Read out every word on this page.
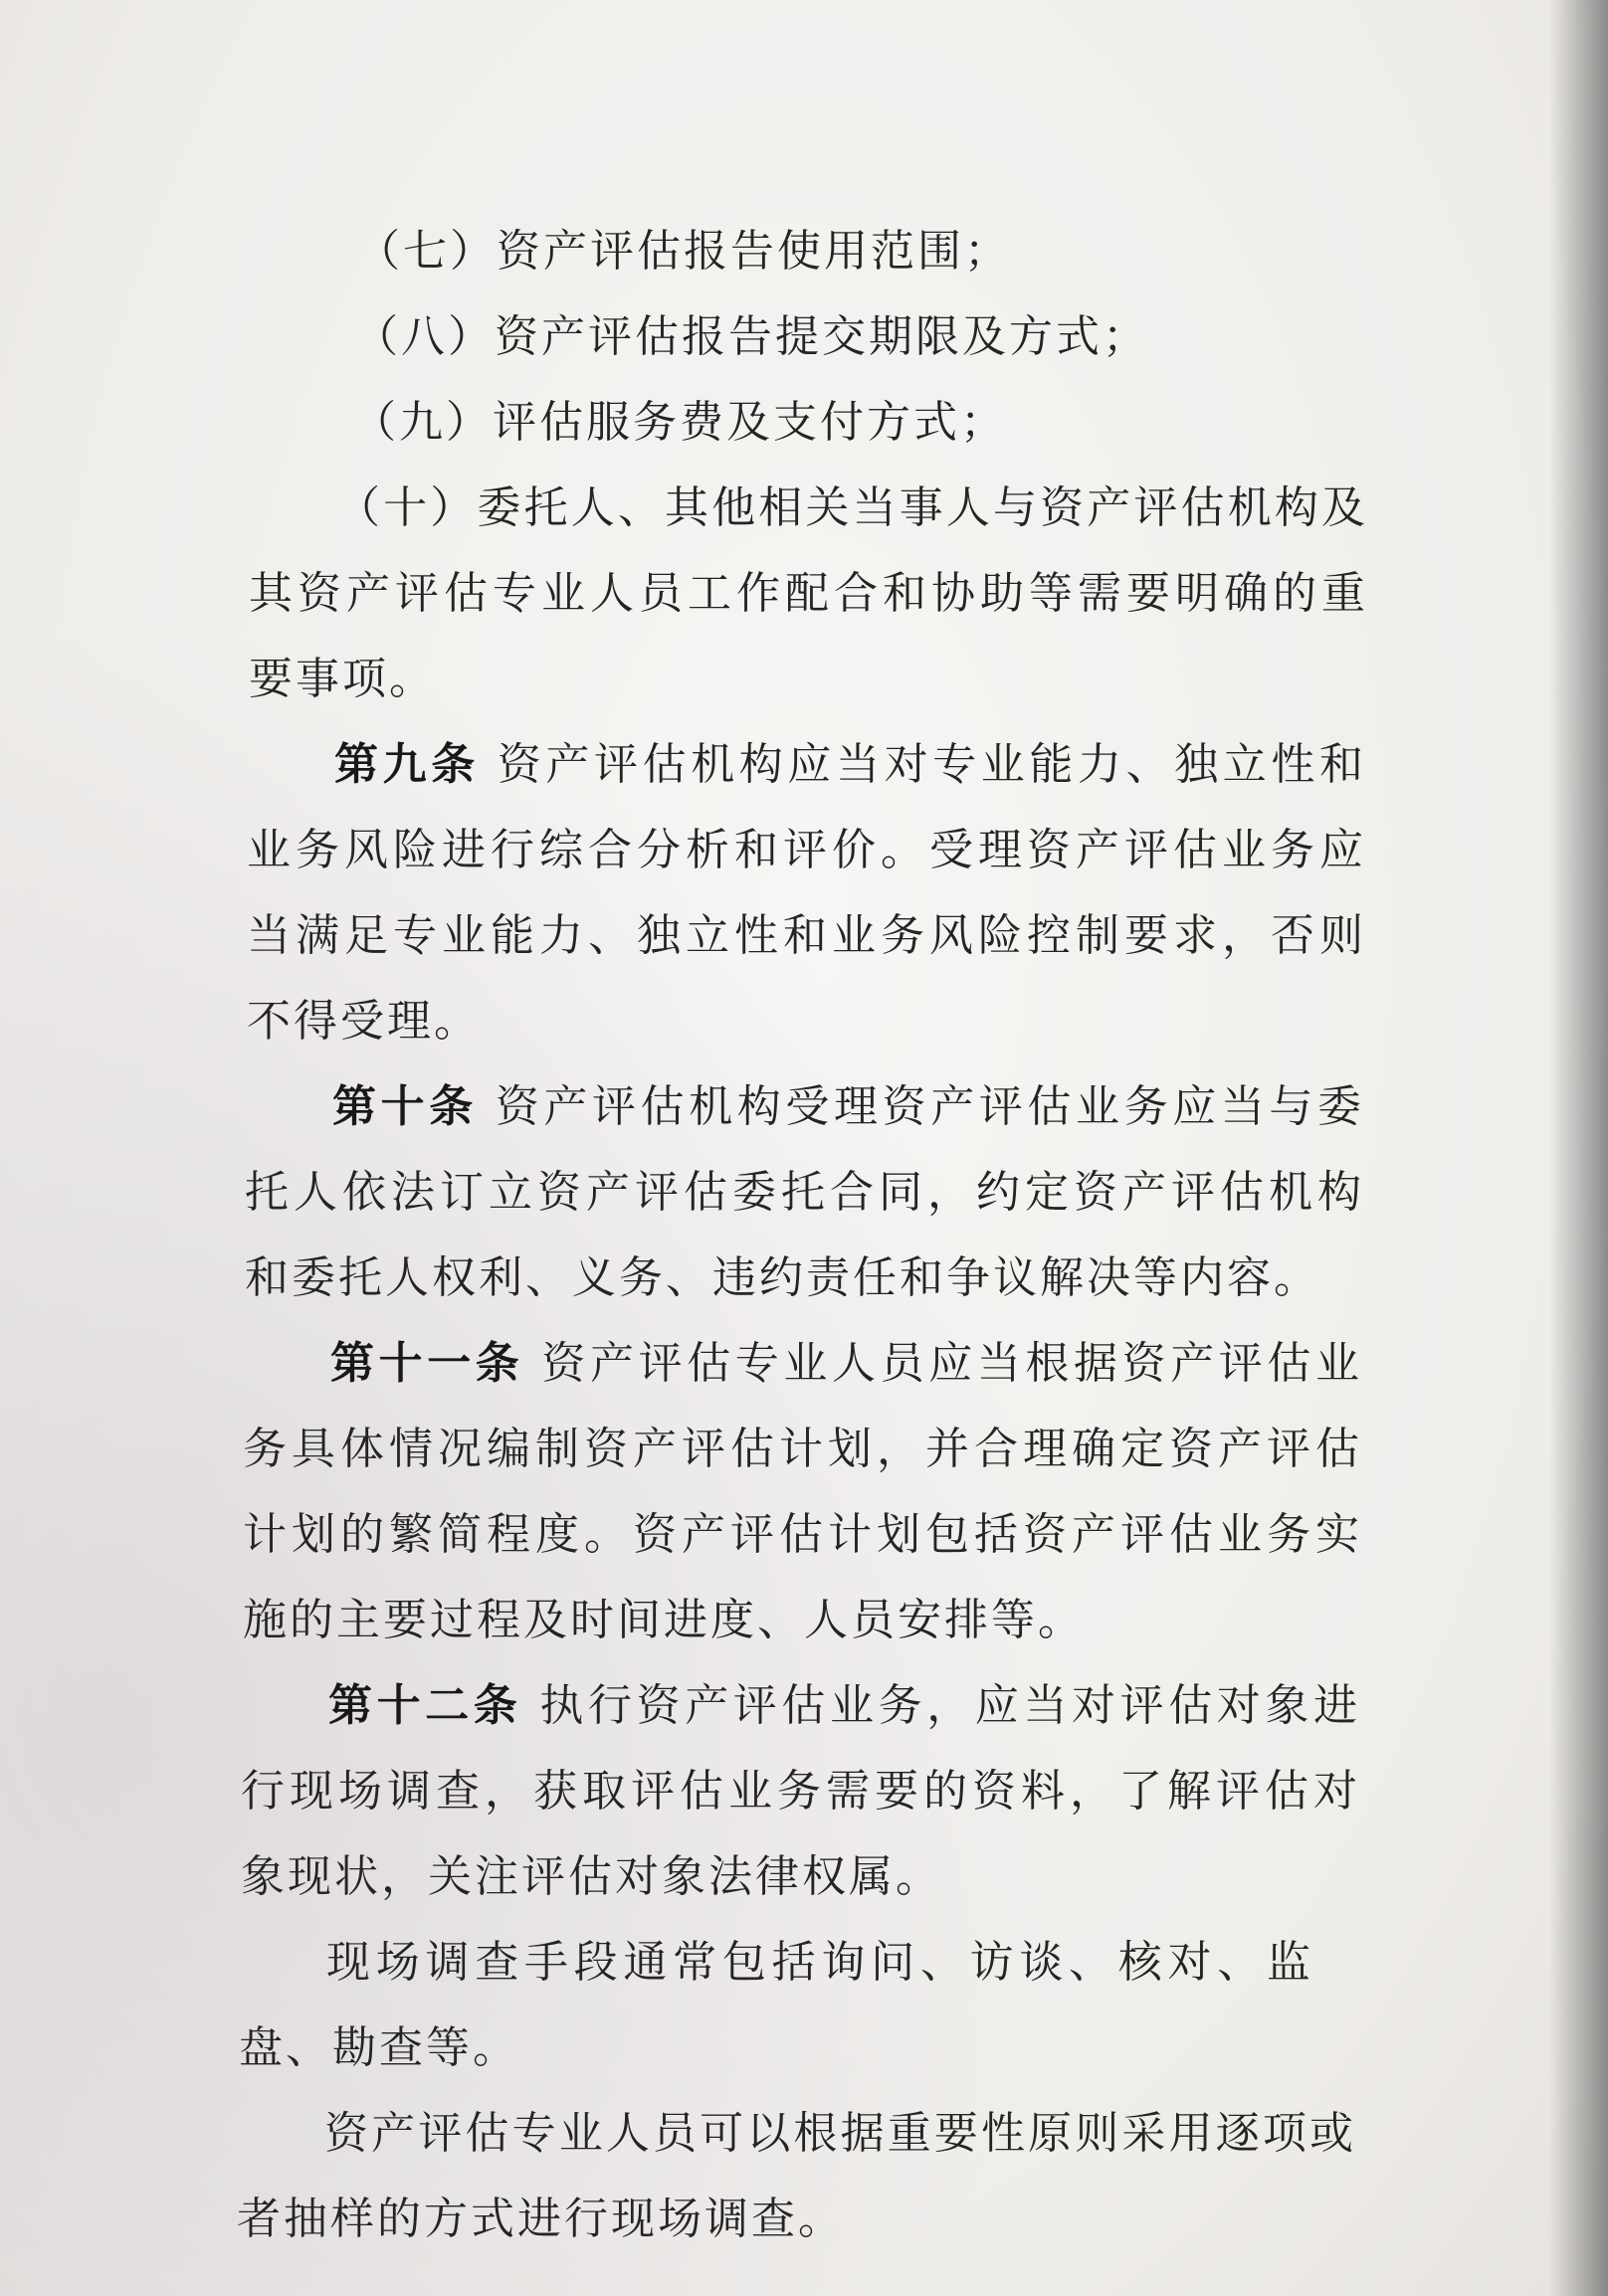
（七）资产评估报告使用范围；

（八）资产评估报告提交期限及方式；

（九）评估服务费及支付方式；

（十）委托人、其他相关当事人与资产评估机构及其资产评估专业人员工作配合和协助等需要明确的重要事项。

第九条 资产评估机构应当对专业能力、独立性和业务风险进行综合分析和评价。受理资产评估业务应当满足专业能力、独立性和业务风险控制要求，否则不得受理。

第十条 资产评估机构受理资产评估业务应当与委托人依法订立资产评估委托合同，约定资产评估机构和委托人权利、义务、违约责任和争议解决等内容。

第十一条 资产评估专业人员应当根据资产评估业务具体情况编制资产评估计划，并合理确定资产评估计划的繁简程度。资产评估计划包括资产评估业务实施的主要过程及时间进度、人员安排等。

第十二条 执行资产评估业务，应当对评估对象进行现场调查，获取评估业务需要的资料，了解评估对象现状，关注评估对象法律权属。

现场调查手段通常包括询问、访谈、核对、监盘、勘查等。

资产评估专业人员可以根据重要性原则采用逐项或者抽样的方式进行现场调查。
